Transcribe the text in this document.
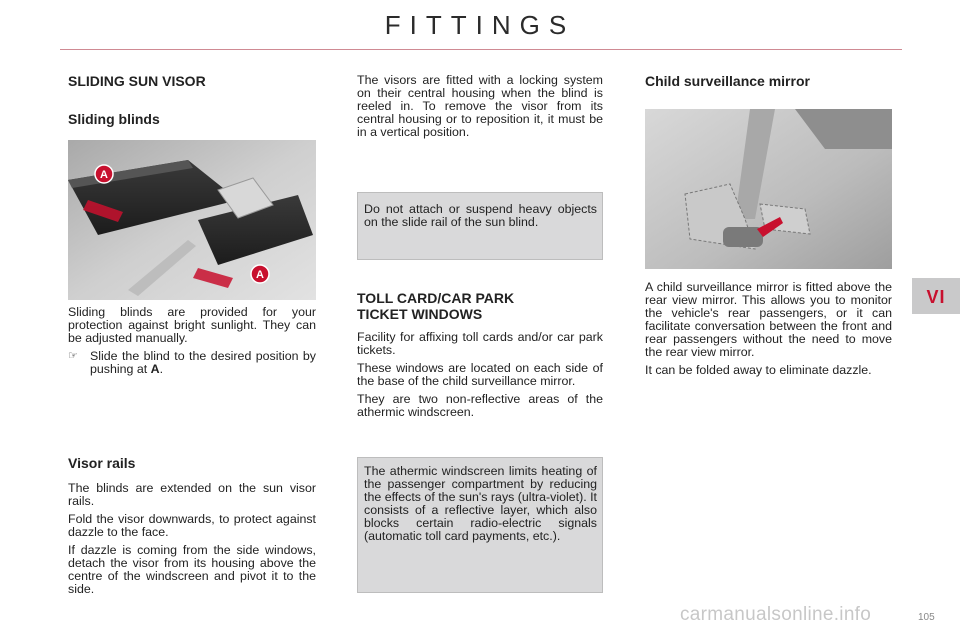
FITTINGS
SLIDING SUN VISOR
Sliding blinds
A
A

Sliding blinds are provided for your protection against bright sunlight. They can be adjusted manually.

☞ Slide the blind to the desired position by pushing at A.
Visor rails

The blinds are extended on the sun visor rails.

Fold the visor downwards, to protect against dazzle to the face.

If dazzle is coming from the side windows, detach the visor from its housing above the centre of the windscreen and pivot it to the side.

The visors are fitted with a locking system on their central housing when the blind is reeled in. To remove the visor from its central housing or to reposition it, it must be in a vertical position.

Do not attach or suspend heavy objects on the slide rail of the sun blind.
TOLL CARD/CAR PARK
TICKET WINDOWS

Facility for affixing toll cards and/or car park tickets.

These windows are located on each side of the base of the child surveillance mirror.

They are two non-reflective areas of the athermic windscreen.

The athermic windscreen limits heating of the passenger compartment by reducing the effects of the sun's rays (ultra-violet). It consists of a reflective layer, which also blocks certain radio-electric signals (automatic toll card payments, etc.).
Child surveillance mirror

A child surveillance mirror is fitted above the rear view mirror. This allows you to monitor the vehicle's rear passengers, or it can facilitate conversation between the front and rear passengers without the need to move the rear view mirror.

It can be folded away to eliminate dazzle.

VI
carmanualsonline.info	105
